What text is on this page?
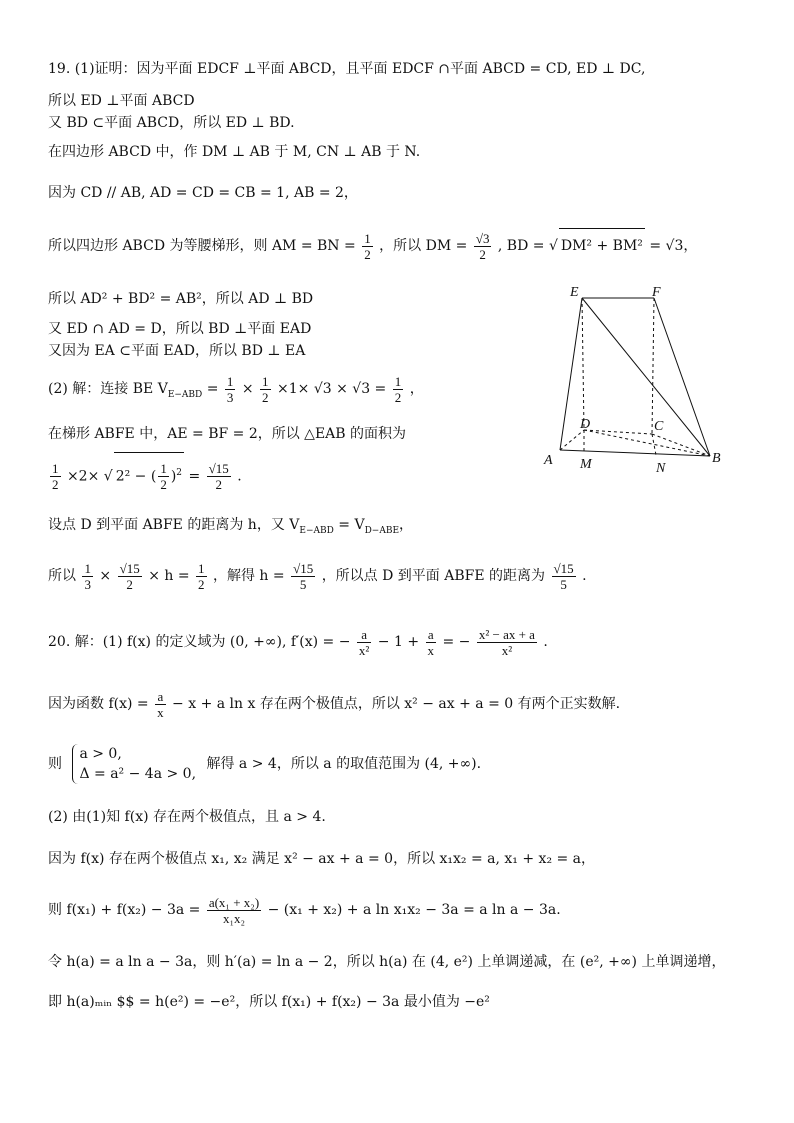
19. (1)证明：因为平面 EDCF ⊥平面 ABCD，且平面 EDCF ∩平面 ABCD = CD, ED ⊥ DC,
所以 ED ⊥平面 ABCD
又 BD ⊂平面 ABCD，所以 ED ⊥ BD.
在四边形 ABCD 中，作 DM ⊥ AB 于 M, CN ⊥ AB 于 N.
因为 CD // AB, AD = CD = CB = 1, AB = 2，
所以四边形 ABCD 为等腰梯形，则 AM = BN = $\frac{1}{2}$ ，所以 DM = $\frac{√3}{2}$ , BD = √ DM² + BM² = √3，
所以 AD² + BD² = AB²，所以 AD ⊥ BD
又 ED ∩ AD = D，所以 BD ⊥平面 EAD
又因为 EA ⊂平面 EAD，所以 BD ⊥ EA
(2) 解：连接 BE $V_{E-ABD} = \frac{1}{3} \times \frac{1}{2} \times 1\times √3 \times √3 = \frac{1}{2}$ ，
在梯形 ABFE 中，AE = BF = 2，所以 △EAB 的面积为
$\frac{1}{2} \times 2\times$ √ 2² − ( $\frac{1}{2} )^2 = \frac{√15}{2}$ .
设点 D 到平面 ABFE 的距离为 h，又 $V_{E-ABD} = V_{D-ABE}$，
所以 $\frac{1}{3} \times \frac{√15}{2} \times h = \frac{1}{2}$ ，解得 $h = \frac{√15}{5}$ ，所以点 D 到平面 ABFE 的距离为 $\frac{√15}{5}$ .
20. 解：(1) f(x) 的定义域为 (0, +∞), f′(x) = − $\frac{a}{\text{x²}} - 1 + \frac{a}{x}$ = − $\frac{\text{x² − ax + a}}{\text{x²}}$ .
因为函数 $f(x) = \frac{a}{x} - x + a$ ln x 存在两个极值点，所以 x² − ax + a = 0 有两个正实数解.
则
a > 0,
Δ = a² − 4a > 0,
解得 a > 4，所以 a 的取值范围为 (4, +∞).
(2) 由(1)知 f(x) 存在两个极值点，且 a > 4.
因为 f(x) 存在两个极值点 x₁, x₂ 满足 x² − ax + a = 0，所以 x₁x₂ = a, x₁ + x₂ = a，
则 $f(x_1) + f(x_2) - 3a = \frac{\text{a(x₁ + x₂)}}{\text{x₁x₂}} - (x_1 + x_2) + a$ ln x₁x₂ − 3a = a ln a − 3a.
令 h(a) = a ln a − 3a，则 h′(a) = ln a − 2，所以 h(a) 在 (4, e²) 上单调递减，在 (e², +∞) 上单调递增，
即 h(a)ₘᵢₙ $$ = h(e²) = −e²，所以 f(x₁) + f(x₂) − 3a 最小值为 −e²
E	F
D	C
A M	N
B
